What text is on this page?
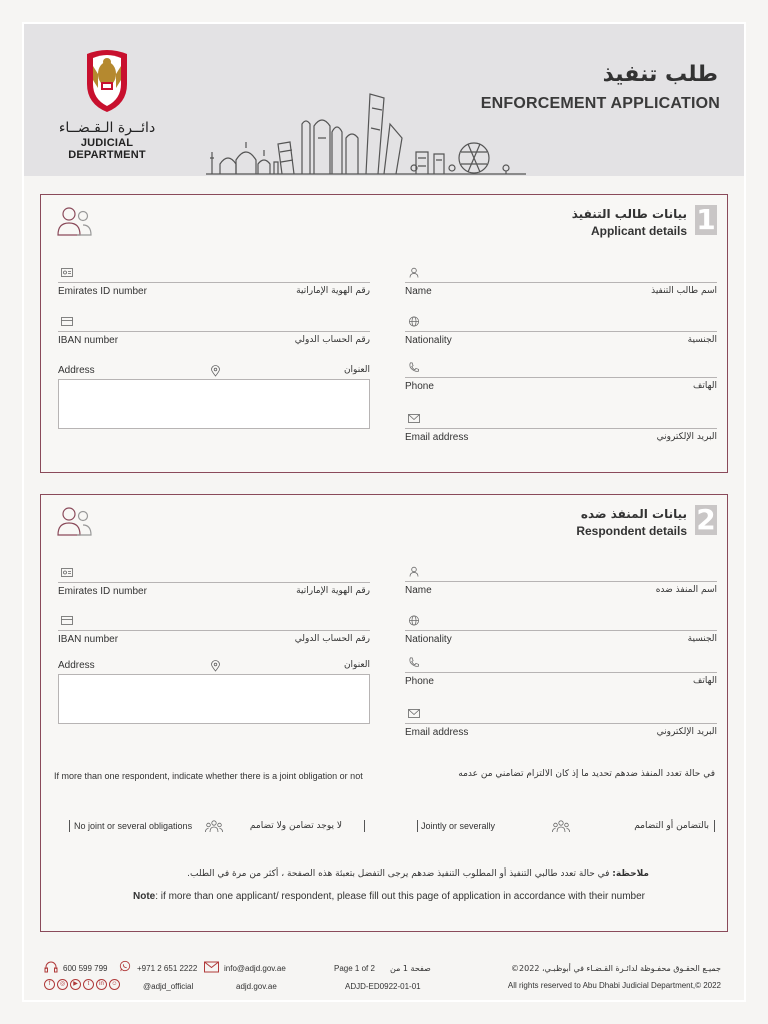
دائــرة الـقـضــاء
JUDICIAL DEPARTMENT
طلب تنفيذ
ENFORCEMENT APPLICATION
1
بيانات طالب التنفيذ
Applicant details
Emirates ID number	رقم الهوية الإماراتية
IBAN number	رقم الحساب الدولي
Address	العنوان
Name	اسم طالب التنفيذ
Nationality	الجنسية
Phone	الهاتف
Email address	البريد الإلكتروني
2
بيانات المنفذ ضده
Respondent details
Emirates ID number	رقم الهوية الإماراتية
IBAN number	رقم الحساب الدولي
Address	العنوان
Name	اسم المنفذ ضده
Nationality	الجنسية
Phone	الهاتف
Email address	البريد الإلكتروني
If more than one respondent, indicate whether there is a joint obligation or not	في حالة تعدد المنفذ ضدهم تحديد ما إذ كان الالتزام تضامني من عدمه
No joint or several obligations	لا يوجد تضامن ولا تضامم	Jointly or severally	بالتضامن أو التضامم
ملاحظة: في حالة تعدد طالبي التنفيذ أو المطلوب التنفيذ ضدهم يرجى التفضل بتعبئة هذه الصفحة ، أكثر من مرة في الطلب.
Note: if more than one applicant/ respondent, please fill out this page of application in accordance with their number
600 599 799	+971 2 651 2222	info@adjd.gov.ae
f ◎ ▶ t in ☺	@adjd_official	adjd.gov.ae
Page 1 of 2 صفحة 1 من
ADJD-ED0922-01-01
جميـع الحقـوق محفـوظة لدائـرة القـضـاء في أبوظبـي، 2022©
All rights reserved to Abu Dhabi Judicial Department,© 2022
